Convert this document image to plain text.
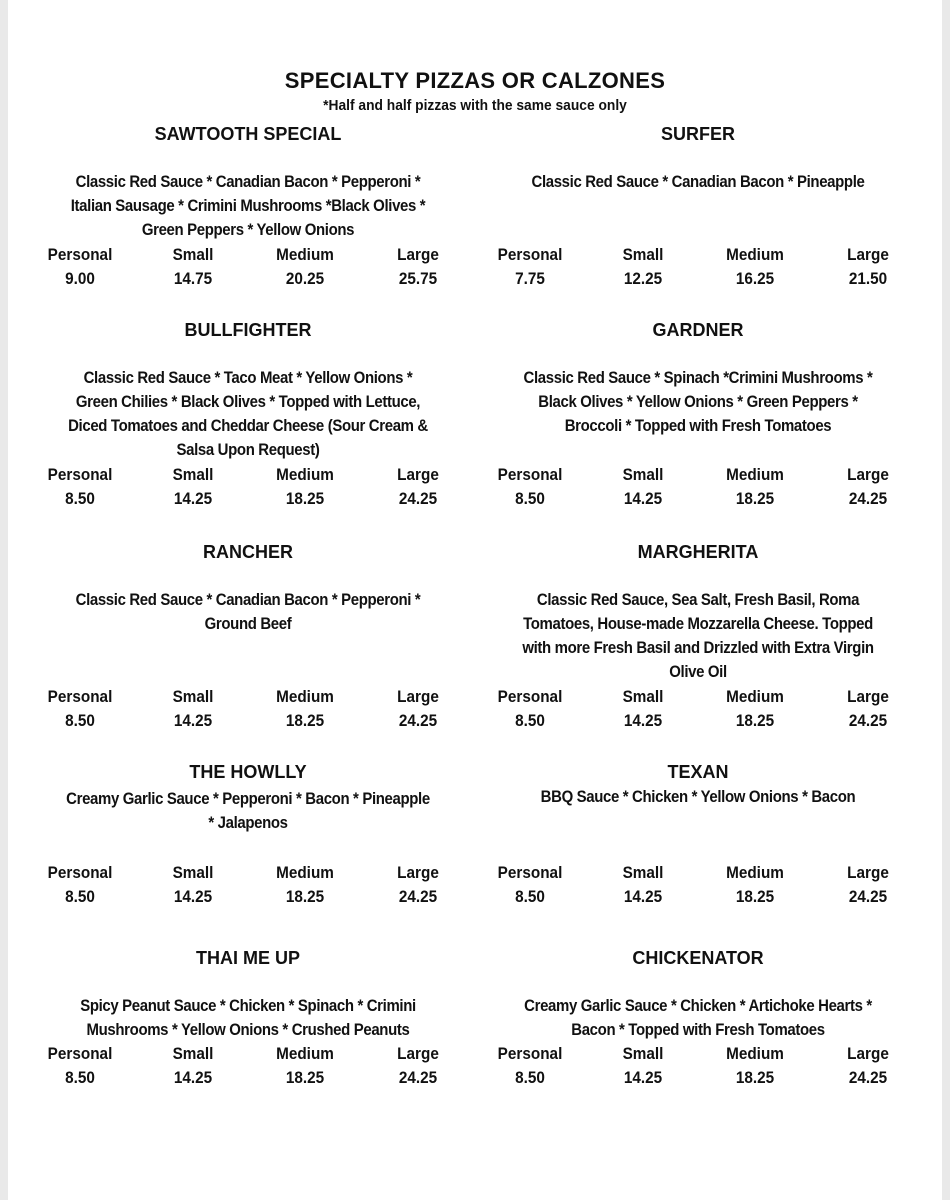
SPECIALTY PIZZAS OR CALZONES
*Half and half pizzas with the same sauce only
SAWTOOTH SPECIAL
Classic Red Sauce * Canadian Bacon * Pepperoni *
Italian Sausage * Crimini Mushrooms *Black Olives *
Green Peppers * Yellow Onions
Personal
9.00
Small
14.75
Medium
20.25
Large
25.75
SURFER
Classic Red Sauce * Canadian Bacon * Pineapple
Personal
7.75
Small
12.25
Medium
16.25
Large
21.50
BULLFIGHTER
Classic Red Sauce * Taco Meat * Yellow Onions *
Green Chilies * Black Olives * Topped with Lettuce,
Diced Tomatoes and Cheddar Cheese (Sour Cream &
Salsa Upon Request)
Personal
8.50
Small
14.25
Medium
18.25
Large
24.25
GARDNER
Classic Red Sauce * Spinach *Crimini Mushrooms *
Black Olives * Yellow Onions * Green Peppers *
Broccoli * Topped with Fresh Tomatoes
Personal
8.50
Small
14.25
Medium
18.25
Large
24.25
RANCHER
Classic Red Sauce * Canadian Bacon * Pepperoni *
Ground Beef
Personal
8.50
Small
14.25
Medium
18.25
Large
24.25
MARGHERITA
Classic Red Sauce, Sea Salt, Fresh Basil, Roma
Tomatoes, House-made Mozzarella Cheese. Topped
with more Fresh Basil and Drizzled with Extra Virgin
Olive Oil
Personal
8.50
Small
14.25
Medium
18.25
Large
24.25
THE HOWLLY
Creamy Garlic Sauce * Pepperoni * Bacon * Pineapple
* Jalapenos
Personal
8.50
Small
14.25
Medium
18.25
Large
24.25
TEXAN
BBQ Sauce * Chicken * Yellow Onions * Bacon
Personal
8.50
Small
14.25
Medium
18.25
Large
24.25
THAI ME UP
Spicy Peanut Sauce * Chicken * Spinach * Crimini
Mushrooms * Yellow Onions * Crushed Peanuts
Personal
8.50
Small
14.25
Medium
18.25
Large
24.25
CHICKENATOR
Creamy Garlic Sauce * Chicken * Artichoke Hearts *
Bacon * Topped with Fresh Tomatoes
Personal
8.50
Small
14.25
Medium
18.25
Large
24.25
